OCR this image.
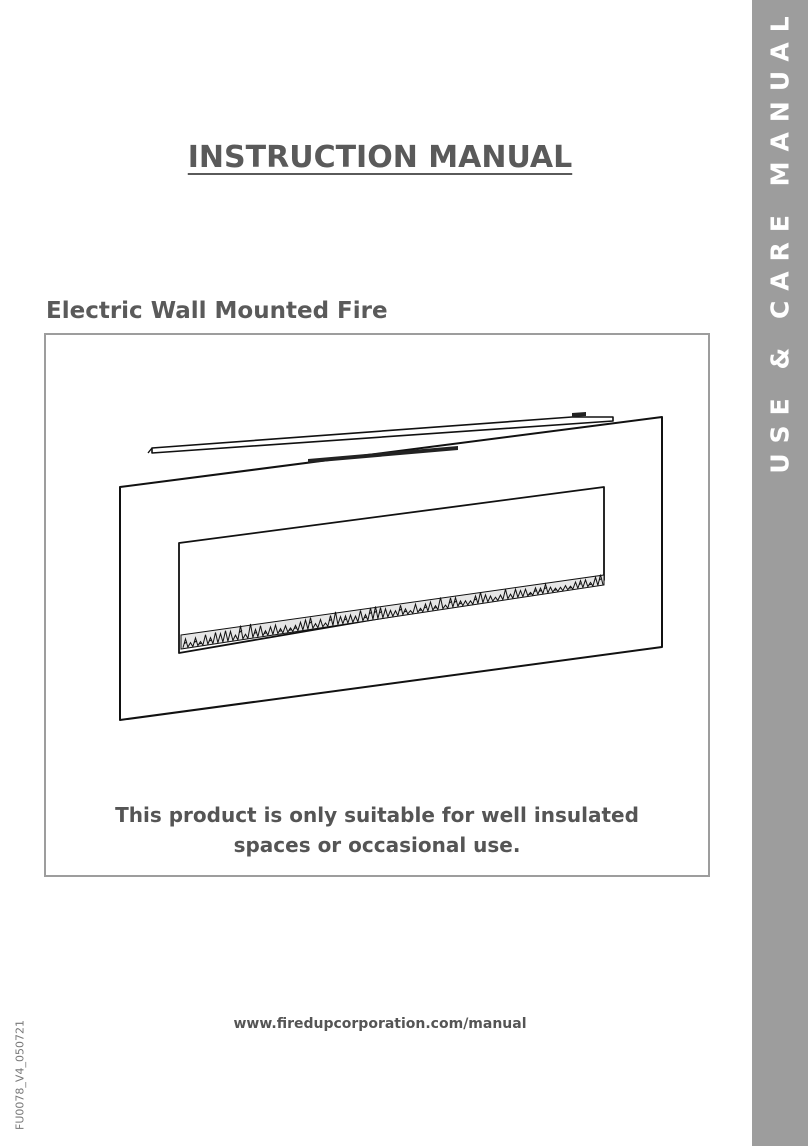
USE & CARE MANUAL
INSTRUCTION MANUAL
Electric Wall Mounted Fire
This product is only suitable for well insulated
spaces or occasional use.
www.firedupcorporation.com/manual
FU0078_V4_050721
